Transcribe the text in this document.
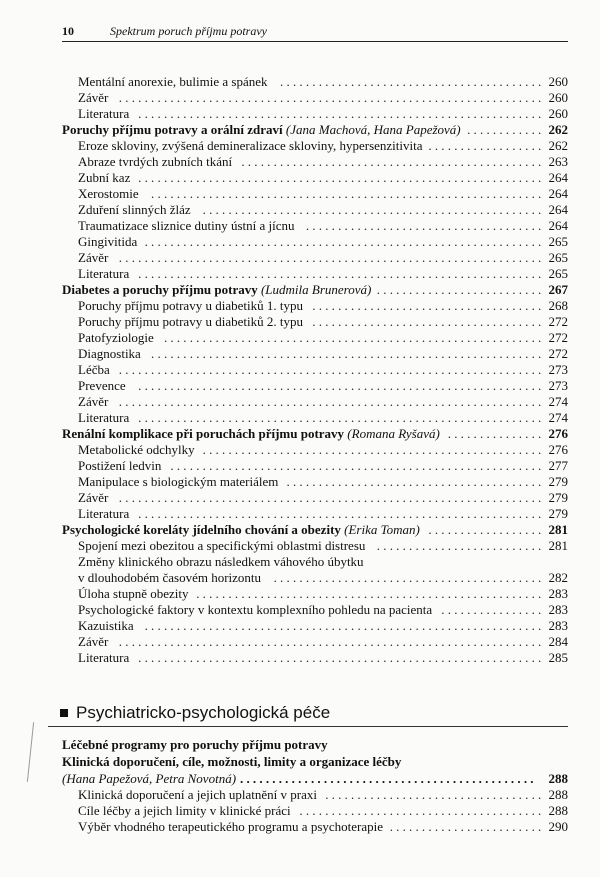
10	Spektrum poruch příjmu potravy
Mentální anorexie, bulimie a spánek ......................................... 260
Závěr .................................................................. 260
Literatura ............................................................... 260
Poruchy příjmu potravy a orální zdraví (Jana Machová, Hana Papežová) ............ 262
Eroze skloviny, zvýšená demineralizace skloviny, hypersenzitivita .................. 262
Abraze tvrdých zubních tkání ............................................... 263
Zubní kaz ............................................................... 264
Xerostomie ............................................................. 264
Zduření slinných žláz ..................................................... 264
Traumatizace sliznice dutiny ústní a jícnu ..................................... 264
Gingivitida .............................................................. 265
Závěr .................................................................. 265
Literatura ............................................................... 265
Diabetes a poruchy příjmu potravy (Ludmila Brunerová) .......................... 267
Poruchy příjmu potravy u diabetiků 1. typu .................................... 268
Poruchy příjmu potravy u diabetiků 2. typu .................................... 272
Patofyziologie ........................................................... 272
Diagnostika ............................................................. 272
Léčba .................................................................. 273
Prevence ............................................................... 273
Závěr .................................................................. 274
Literatura ............................................................... 274
Renální komplikace při poruchách příjmu potravy (Romana Ryšavá) ............... 276
Metabolické odchylky ..................................................... 276
Postižení ledvin .......................................................... 277
Manipulace s biologickým materiálem ........................................ 279
Závěr .................................................................. 279
Literatura ............................................................... 279
Psychologické koreláty jídelního chování a obezity (Erika Toman) .................. 281
Spojení mezi obezitou a specifickými oblastmi distresu .......................... 281
Změny klinického obrazu následkem váhového úbytku
v dlouhodobém časovém horizontu .......................................... 282
Úloha stupně obezity ...................................................... 283
Psychologické faktory v kontextu komplexního pohledu na pacienta ................ 283
Kazuistika .............................................................. 283
Závěr .................................................................. 284
Literatura ............................................................... 285
Psychiatricko-psychologická péče
Léčebné programy pro poruchy příjmu potravy
Klinická doporučení, cíle, možnosti, limity a organizace léčby
(Hana Papežová, Petra Novotná) .............................................. 288
Klinická doporučení a jejich uplatnění v praxi .................................. 288
Cíle léčby a jejich limity v klinické práci ...................................... 288
Výběr vhodného terapeutického programu a psychoterapie ........................ 290
